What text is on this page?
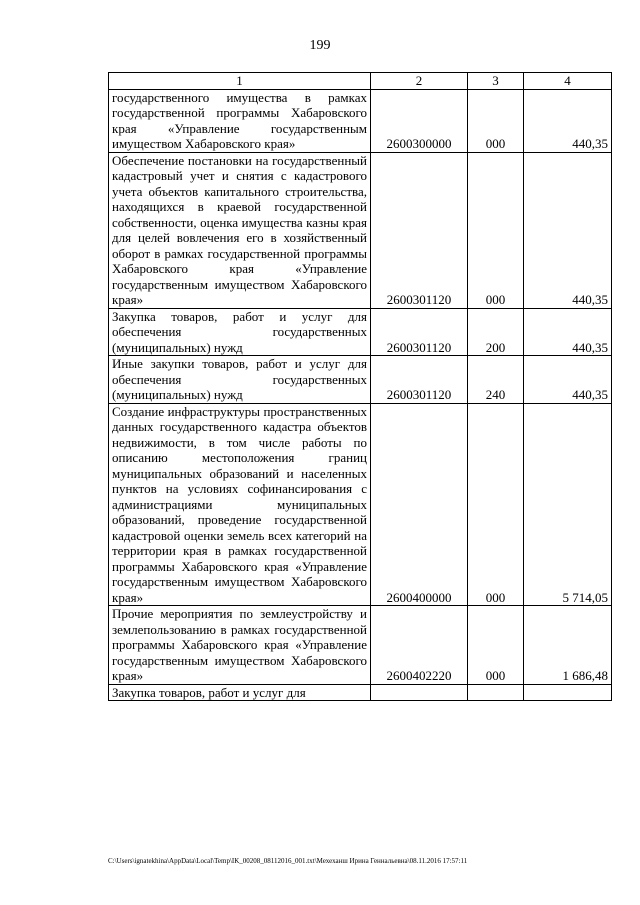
199
1	2	3	4
государственного имущества в рамках государственной программы Хабаровского края «Управление государственным имуществом Хабаровского края»	2600300000	000	440,35
Обеспечение постановки на государственный кадастровый учет и снятия с кадастрового учета объектов капитального строительства, находящихся в краевой государственной собственности, оценка имущества казны края для целей вовлечения его в хозяйственный оборот в рамках государственной программы Хабаровского края «Управление государственным имуществом Хабаровского края»	2600301120	000	440,35
Закупка товаров, работ и услуг для обеспечения государственных (муниципальных) нужд	2600301120	200	440,35
Иные закупки товаров, работ и услуг для обеспечения государственных (муниципальных) нужд	2600301120	240	440,35
Создание инфраструктуры пространственных данных государственного кадастра объектов недвижимости, в том числе работы по описанию местоположения границ муниципальных образований и населенных пунктов на условиях софинансирования с администрациями муниципальных образований, проведение государственной кадастровой оценки земель всех категорий на территории края в рамках государственной программы Хабаровского края «Управление государственным имуществом Хабаровского края»	2600400000	000	5 714,05
Прочие мероприятия по землеустройству и землепользованию в рамках государственной программы Хабаровского края «Управление государственным имуществом Хабаровского края»	2600402220	000	1 686,48
Закупка товаров, работ и услуг для			
C:\Users\ignatekhina\AppData\Local\Temp\IK_00208_08112016_001.txt\Мехеханш Ирина Геннальевна\08.11.2016 17:57:11
